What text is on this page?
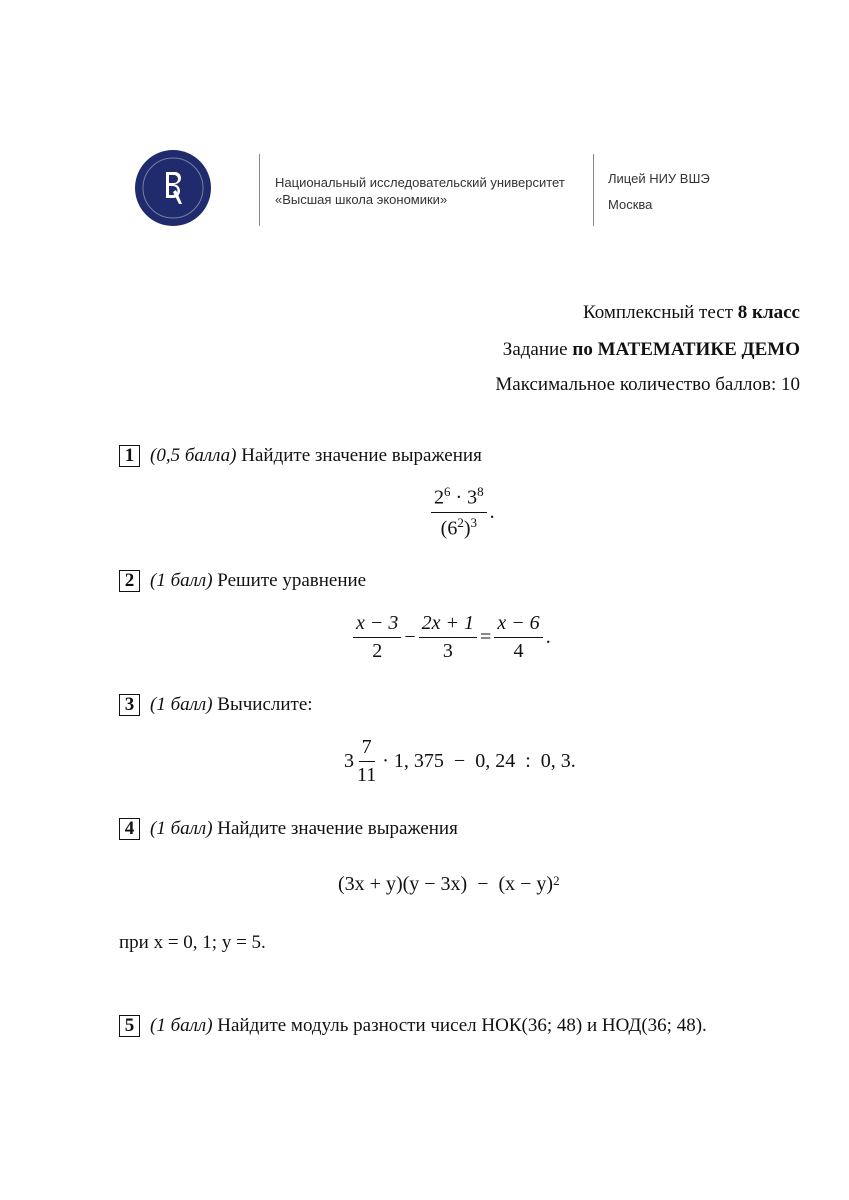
Национальный исследовательский университет
«Высшая школа экономики»
Лицей НИУ ВШЭ
Москва
Комплексный тест 8 класс
Задание по МАТЕМАТИКЕ ДЕМО
Максимальное количество баллов: 10
1 (0,5 балла) Найдите значение выражения
$\frac{2^6 \cdot 3^8}{(6^2)^3}$ .
2 (1 балл) Решите уравнение
$\frac{x - 3}{2} - \frac{2x + 1}{3} = \frac{x - 6}{4}$ .
3 (1 балл) Вычислите:
$3 \frac{7}{11} \cdot 1$, 375  −  0, 24  :  0, 3.
4 (1 балл) Найдите значение выражения
(3x + y)(y − 3x)  −  (x − y) 2
при x = 0, 1; y = 5.
5 (1 балл) Найдите модуль разности чисел НОК(36; 48) и НОД(36; 48).
